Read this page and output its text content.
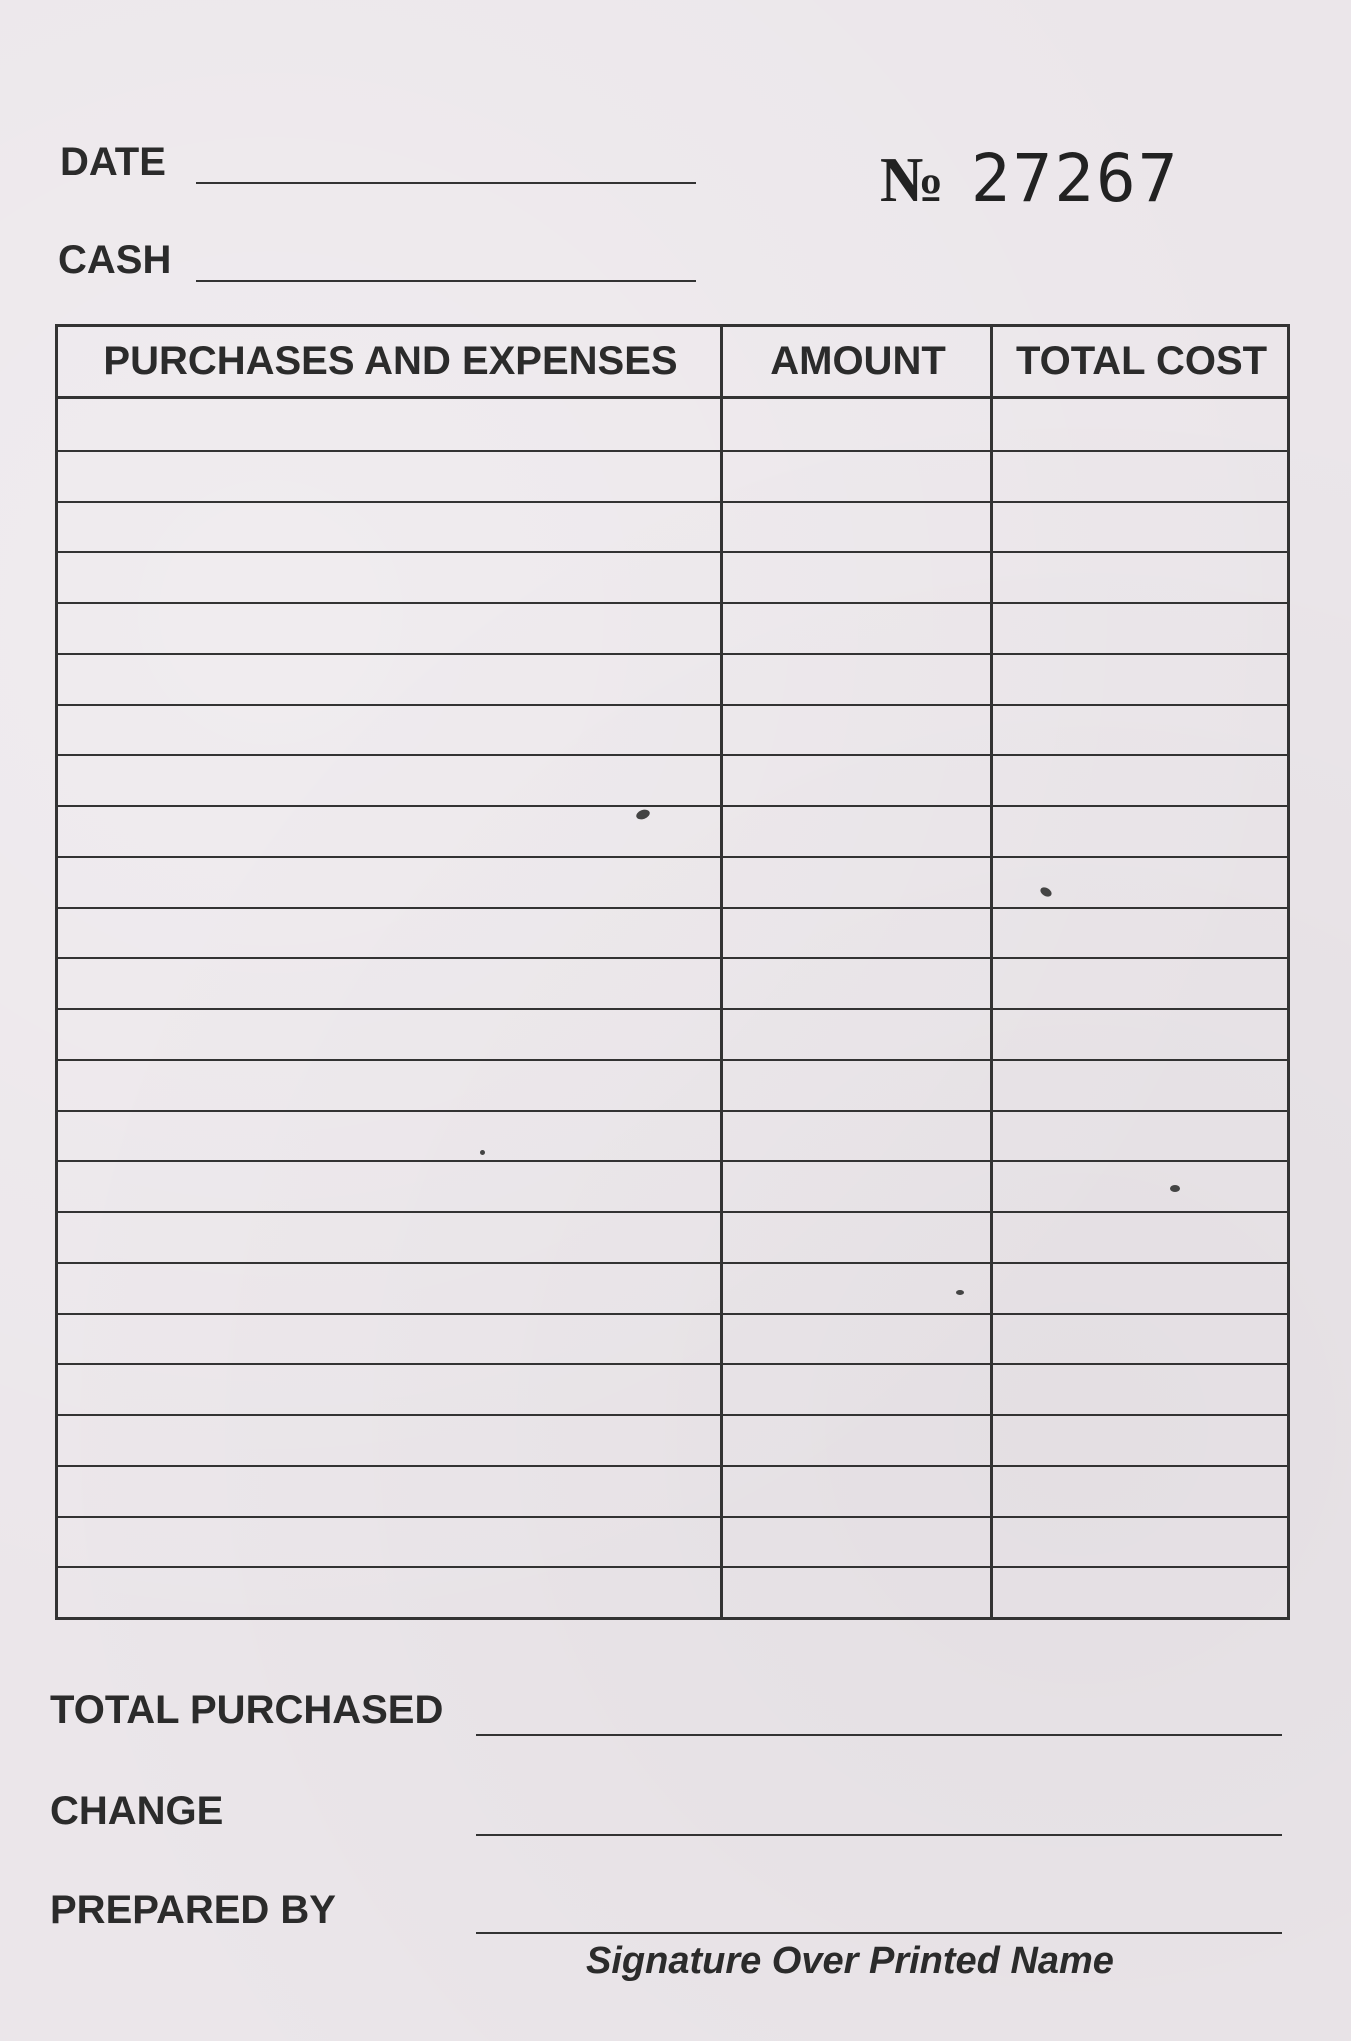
DATE
CASH
№ 27267
PURCHASES AND EXPENSES	AMOUNT	TOTAL COST
TOTAL PURCHASED
CHANGE
PREPARED BY
Signature Over Printed Name
